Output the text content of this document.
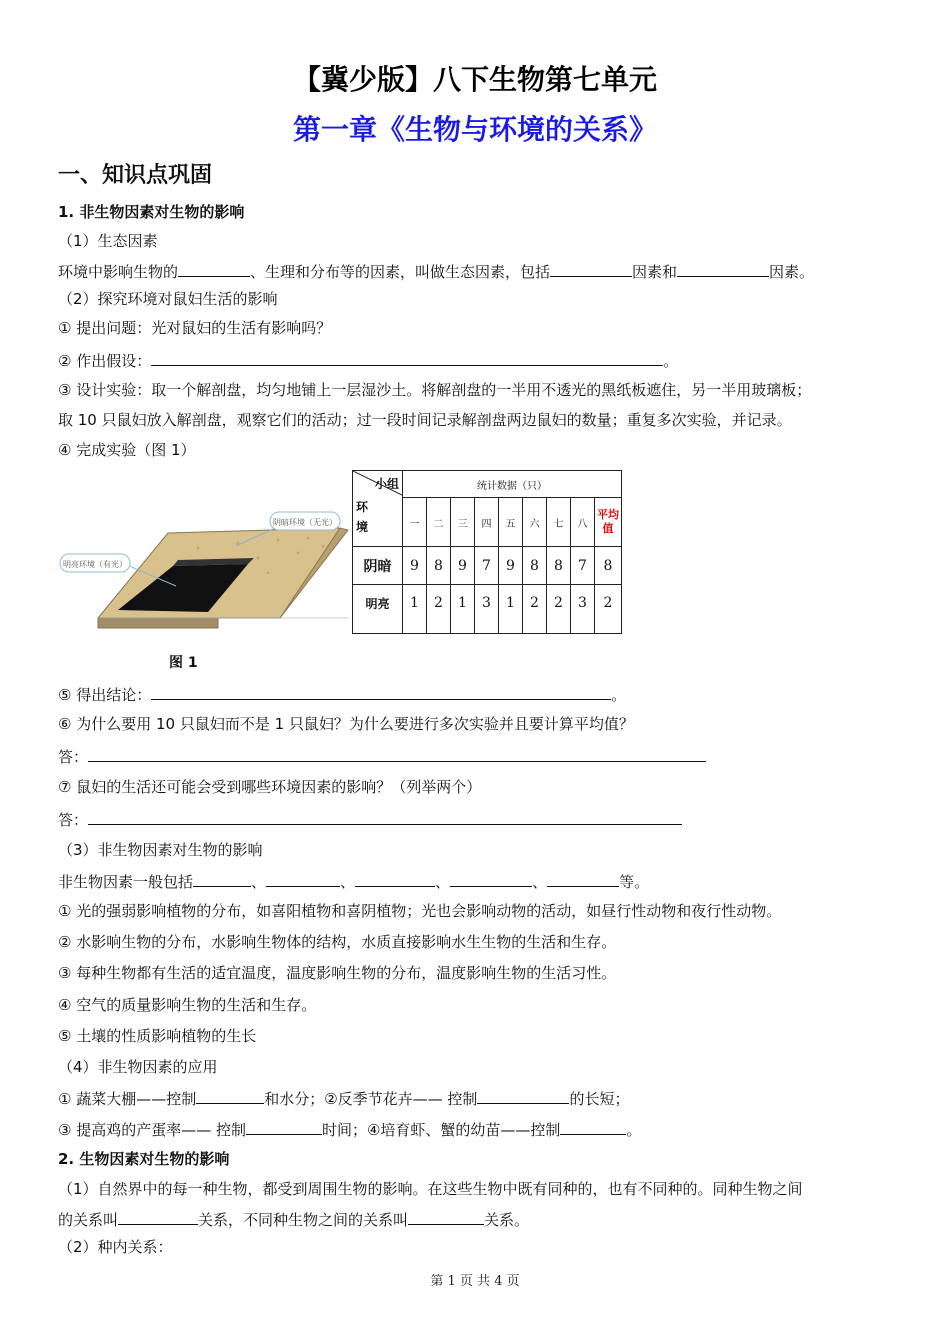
【冀少版】八下生物第七单元
第一章《生物与环境的关系》
一、知识点巩固
1. 非生物因素对生物的影响
（1）生态因素
环境中影响生物的	、生理和分布等的因素，叫做生态因素，包括	因素和	因素。
（2）探究环境对鼠妇生活的影响
① 提出问题：光对鼠妇的生活有影响吗？
② 作出假设：	。
③ 设计实验：取一个解剖盘，均匀地铺上一层湿沙土。将解剖盘的一半用不透光的黑纸板遮住，另一半用玻璃板；
取 10 只鼠妇放入解剖盘，观察它们的活动；过一段时间记录解剖盘两边鼠妇的数量；重复多次实验，并记录。
④ 完成实验（图 1）
阴暗环境（无光）
明亮环境（有光）
图 1
小组
环
境	统计数据（只）								
	一	二	三	四	五	六	七	八	平均
值
阴暗	9	8	9	7	9	8	8	7	8
明亮	1	2	1	3	1	2	2	3	2
⑤ 得出结论：	。
⑥ 为什么要用 10 只鼠妇而不是 1 只鼠妇？为什么要进行多次实验并且要计算平均值？
答：
⑦ 鼠妇的生活还可能会受到哪些环境因素的影响？（列举两个）
答：
（3）非生物因素对生物的影响
非生物因素一般包括	、	、	、	、	等。
① 光的强弱影响植物的分布，如喜阳植物和喜阴植物；光也会影响动物的活动，如昼行性动物和夜行性动物。
② 水影响生物的分布，水影响生物体的结构，水质直接影响水生生物的生活和生存。
③ 每种生物都有生活的适宜温度，温度影响生物的分布，温度影响生物的生活习性。
④ 空气的质量影响生物的生活和生存。
⑤ 土壤的性质影响植物的生长
（4）非生物因素的应用
① 蔬菜大棚——控制	和水分；②反季节花卉—— 控制	的长短；
③ 提高鸡的产蛋率—— 控制	时间；④培育虾、蟹的幼苗——控制	。
2. 生物因素对生物的影响
（1）自然界中的每一种生物，都受到周围生物的影响。在这些生物中既有同种的，也有不同种的。同种生物之间
的关系叫	关系，不同种生物之间的关系叫	关系。
（2）种内关系：
第 1 页 共 4 页
